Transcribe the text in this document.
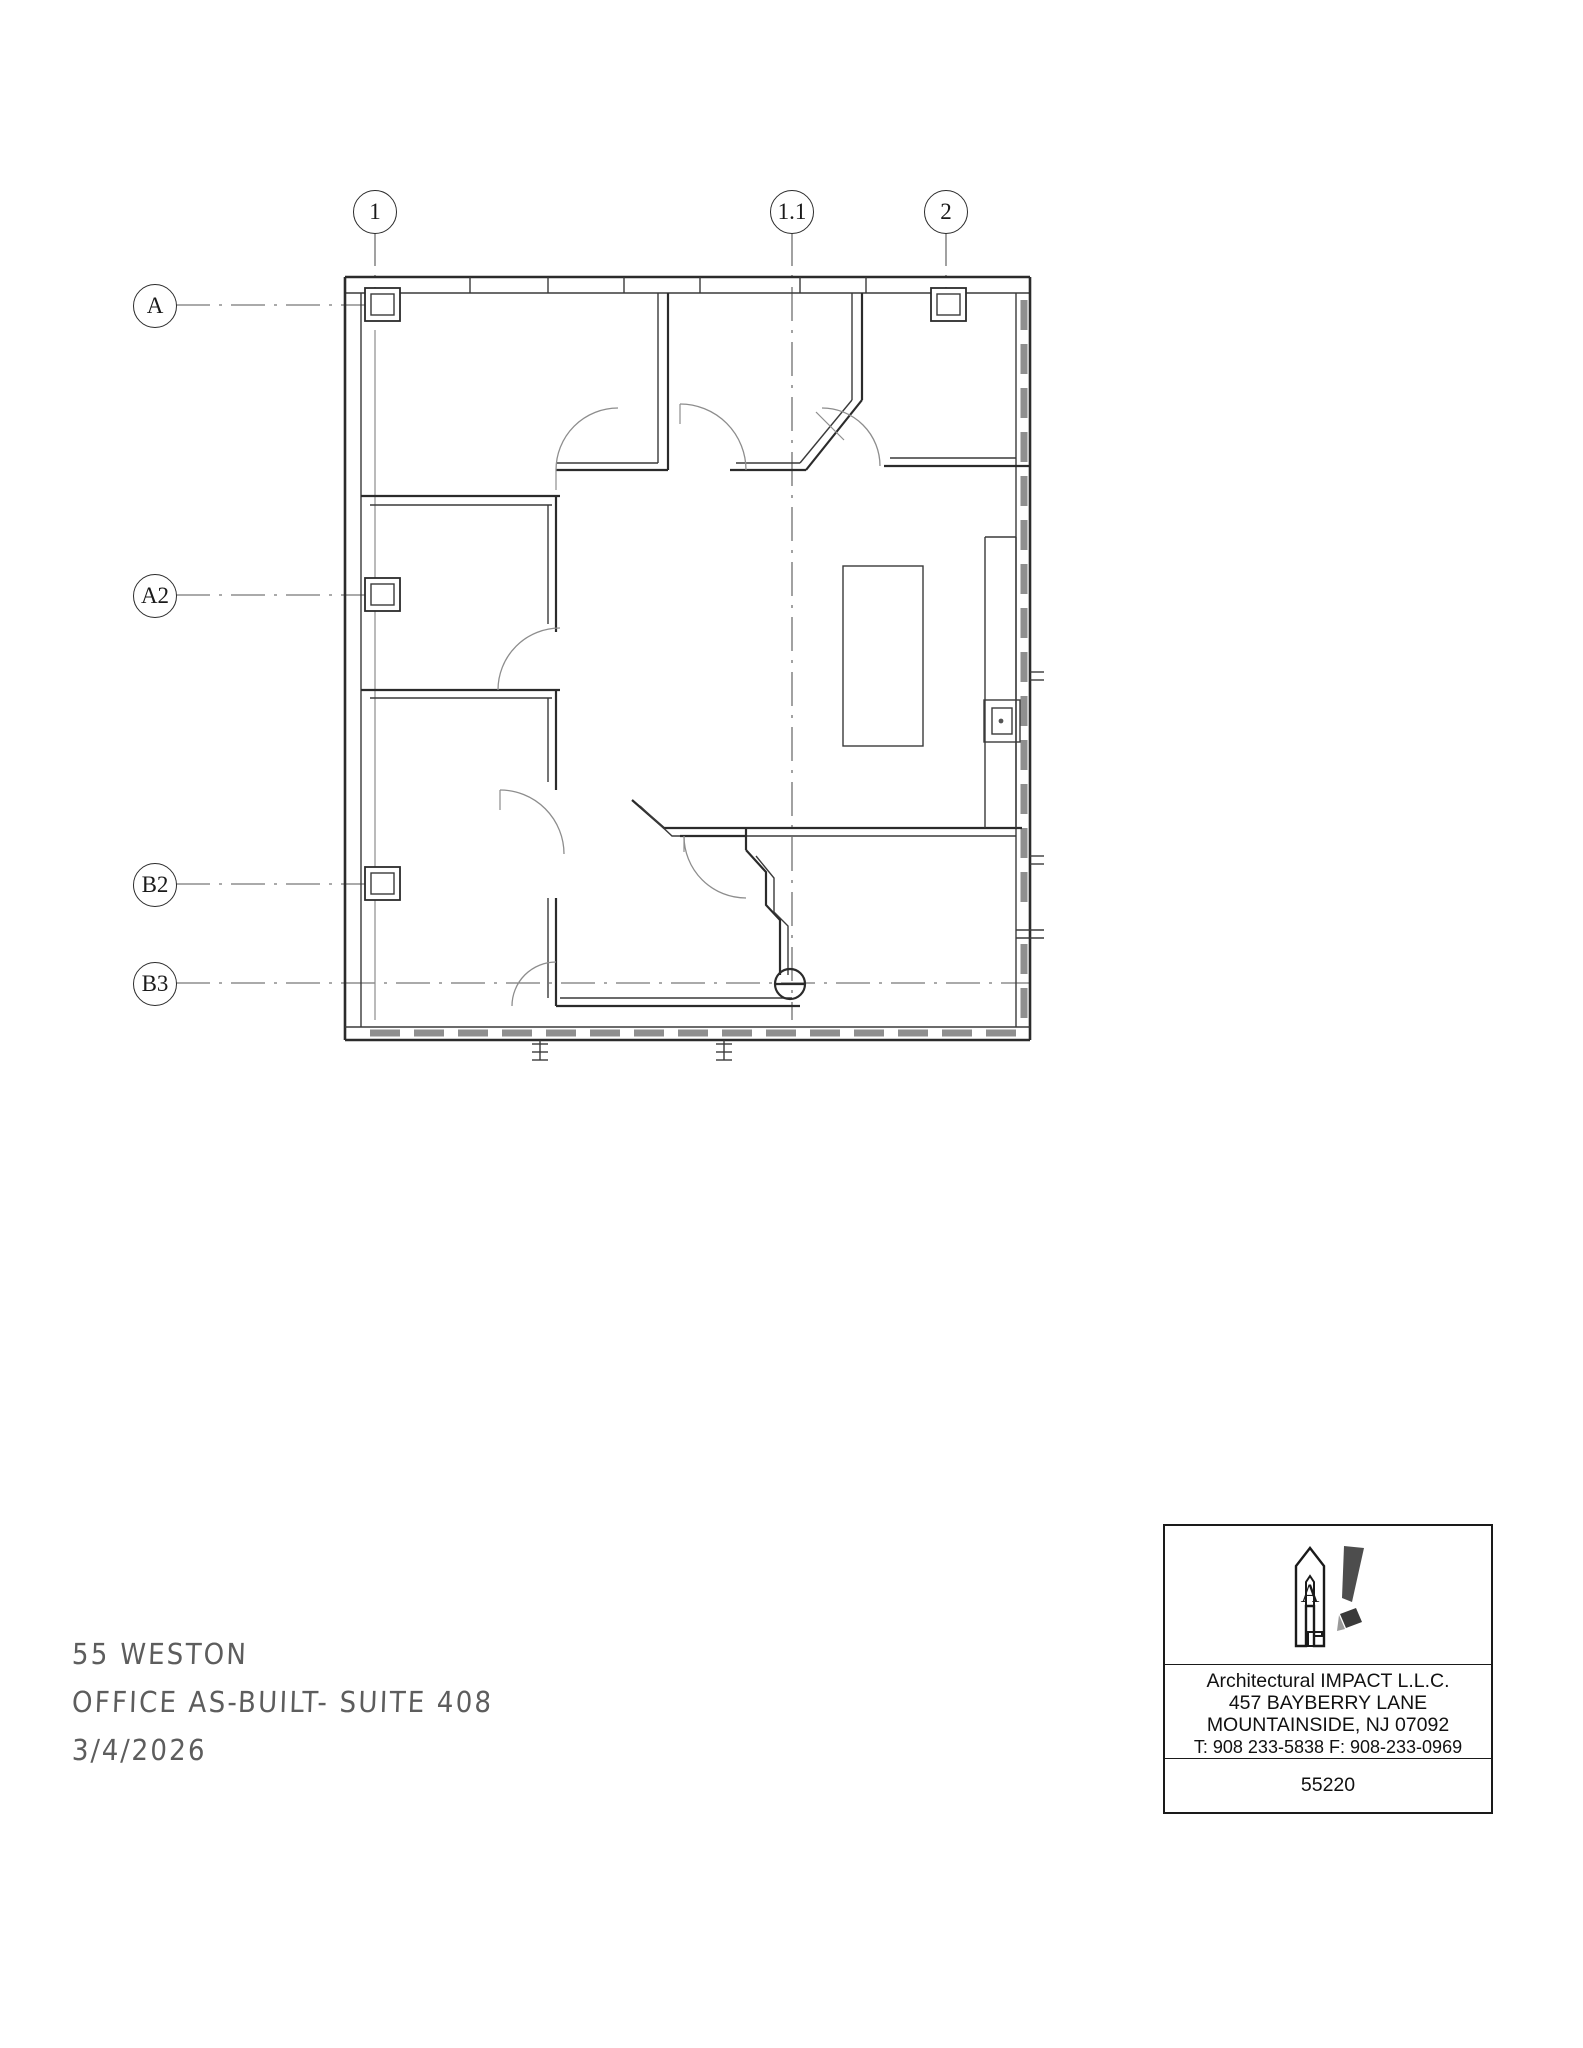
1	1.1	2
A
A2
B2
B3
55 WESTON
OFFICE AS-BUILT- SUITE 408
3/4/2026
A
Architectural IMPACT L.L.C.
457 BAYBERRY LANE
MOUNTAINSIDE, NJ 07092
T: 908 233-5838 F: 908-233-0969
55220
